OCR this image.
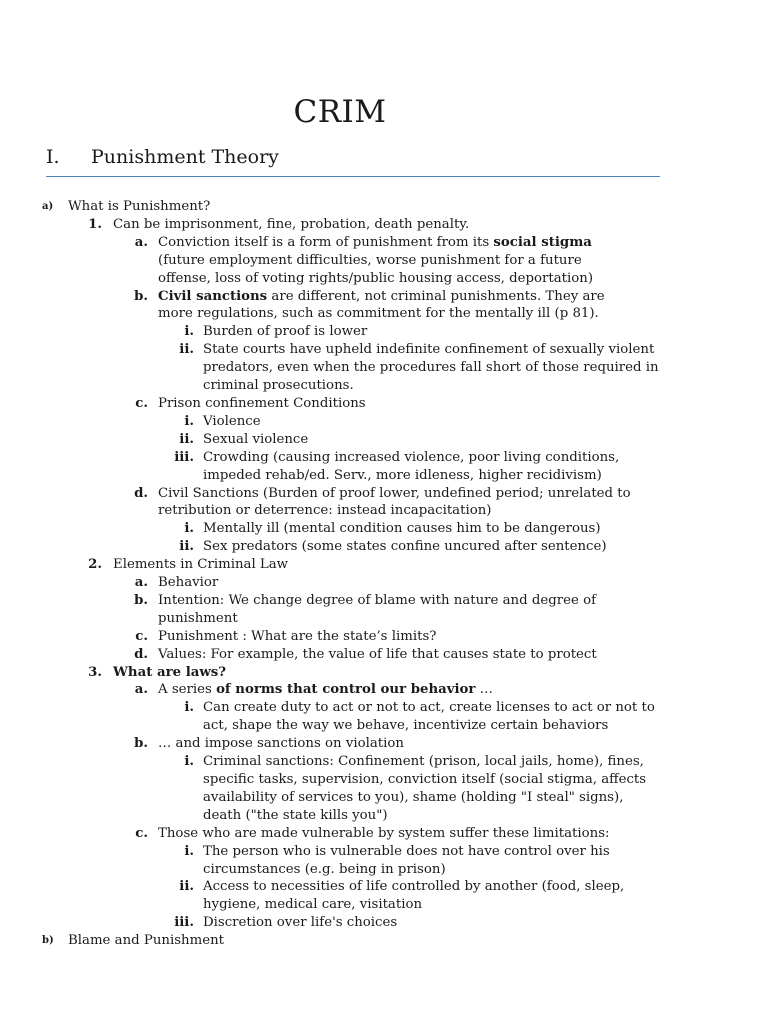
CRIM
I. Punishment Theory
a) What is Punishment?
1. Can be imprisonment, fine, probation, death penalty.
a. Conviction itself is a form of punishment from its social stigma (future employment difficulties, worse punishment for a future offense, loss of voting rights/public housing access, deportation)
b. Civil sanctions are different, not criminal punishments. They are more regulations, such as commitment for the mentally ill (p 81).
i. Burden of proof is lower
ii. State courts have upheld indefinite confinement of sexually violent predators, even when the procedures fall short of those required in criminal prosecutions.
c. Prison confinement Conditions
i. Violence
ii. Sexual violence
iii. Crowding (causing increased violence, poor living conditions, impeded rehab/ed. Serv., more idleness, higher recidivism)
d. Civil Sanctions (Burden of proof lower, undefined period; unrelated to retribution or deterrence: instead incapacitation)
i. Mentally ill (mental condition causes him to be dangerous)
ii. Sex predators (some states confine uncured after sentence)
2. Elements in Criminal Law
a. Behavior
b. Intention: We change degree of blame with nature and degree of punishment
c. Punishment : What are the state’s limits?
d. Values: For example, the value of life that causes state to protect
3. What are laws?
a. A series of norms that control our behavior …
i. Can create duty to act or not to act, create licenses to act or not to act, shape the way we behave, incentivize certain behaviors
b. … and impose sanctions on violation
i. Criminal sanctions: Confinement (prison, local jails, home), fines, specific tasks, supervision, conviction itself (social stigma, affects availability of services to you), shame (holding "I steal" signs), death ("the state kills you")
c. Those who are made vulnerable by system suffer these limitations:
i. The person who is vulnerable does not have control over his circumstances (e.g. being in prison)
ii. Access to necessities of life controlled by another (food, sleep, hygiene, medical care, visitation
iii. Discretion over life's choices
b) Blame and Punishment
